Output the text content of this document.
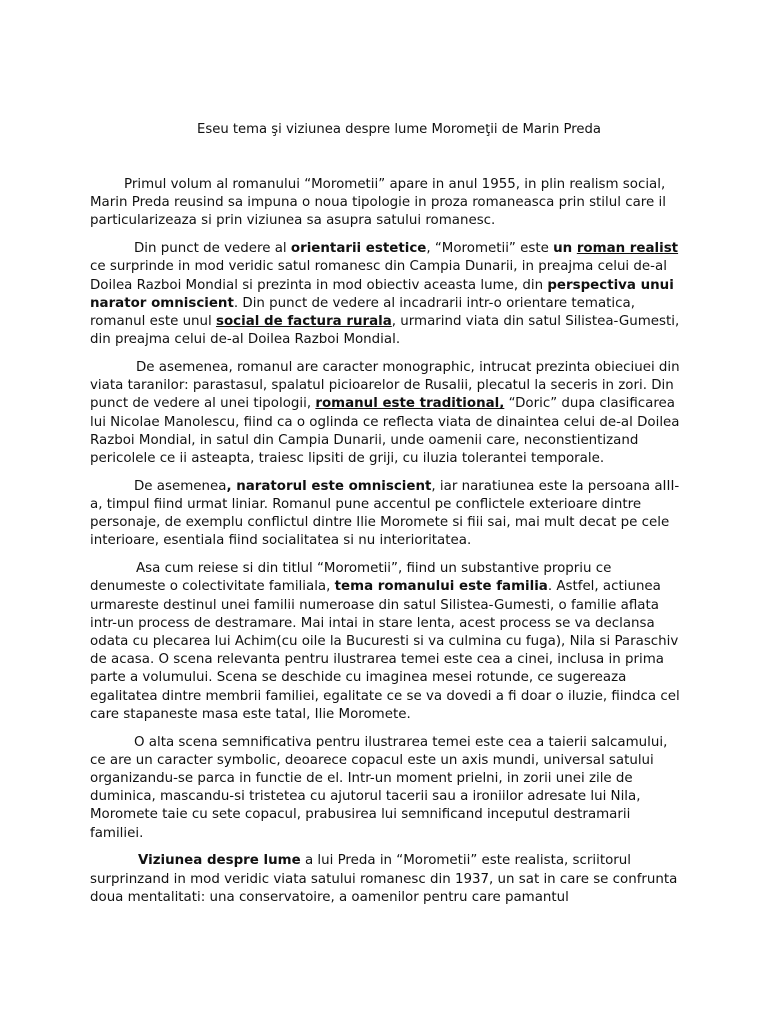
Eseu tema şi viziunea despre lume Moromeţii de Marin Preda

Primul volum al romanului “Morometii” apare in anul 1955, in plin realism social, Marin Preda reusind sa impuna o noua tipologie in proza romaneasca prin stilul care il particularizeaza si prin viziunea sa asupra satului romanesc.

Din punct de vedere al orientarii estetice, “Morometii” este un roman realist ce surprinde in mod veridic satul romanesc din Campia Dunarii, in preajma celui de-al Doilea Razboi Mondial si prezinta in mod obiectiv aceasta lume, din perspectiva unui narator omniscient. Din punct de vedere al incadrarii intr-o orientare tematica, romanul este unul social de factura rurala, urmarind viata din satul Silistea-Gumesti, din preajma celui de-al Doilea Razboi Mondial.

De asemenea, romanul are caracter monographic, intrucat prezinta obieciuei din viata taranilor: parastasul, spalatul picioarelor de Rusalii, plecatul la seceris in zori. Din punct de vedere al unei tipologii, romanul este traditional, “Doric” dupa clasificarea lui Nicolae Manolescu, fiind ca o oglinda ce reflecta viata de dinaintea celui de-al Doilea Razboi Mondial, in satul din Campia Dunarii, unde oamenii care, neconstientizand pericolele ce ii asteapta, traiesc lipsiti de griji, cu iluzia tolerantei temporale.

De asemenea, naratorul este omniscient, iar naratiunea este la persoana aIII-a, timpul fiind urmat liniar. Romanul pune accentul pe conflictele exterioare dintre personaje, de exemplu conflictul dintre Ilie Moromete si fiii sai, mai mult decat pe cele interioare, esentiala fiind socialitatea si nu interioritatea.

Asa cum reiese si din titlul “Morometii”, fiind un substantive propriu ce denumeste o colectivitate familiala, tema romanului este familia. Astfel, actiunea urmareste destinul unei familii numeroase din satul Silistea-Gumesti, o familie aflata intr-un process de destramare. Mai intai in stare lenta, acest process se va declansa odata cu plecarea lui Achim(cu oile la Bucuresti si va culmina cu fuga), Nila si Paraschiv de acasa. O scena relevanta pentru ilustrarea temei este cea a cinei, inclusa in prima parte a volumului. Scena se deschide cu imaginea mesei rotunde, ce sugereaza egalitatea dintre membrii familiei, egalitate ce se va dovedi a fi doar o iluzie, fiindca cel care stapaneste masa este tatal, Ilie Moromete.

O alta scena semnificativa pentru ilustrarea temei este cea a taierii salcamului, ce are un caracter symbolic, deoarece copacul este un axis mundi, universal satului organizandu-se parca in functie de el. Intr-un moment prielni, in zorii unei zile de duminica, mascandu-si tristetea cu ajutorul tacerii sau a ironiilor adresate lui Nila, Moromete taie cu sete copacul, prabusirea lui semnificand inceputul destramarii familiei.

Viziunea despre lume a lui Preda in “Morometii” este realista, scriitorul surprinzand in mod veridic viata satului romanesc din 1937, un sat in care se confrunta doua mentalitati: una conservatoire, a oamenilor pentru care pamantul
